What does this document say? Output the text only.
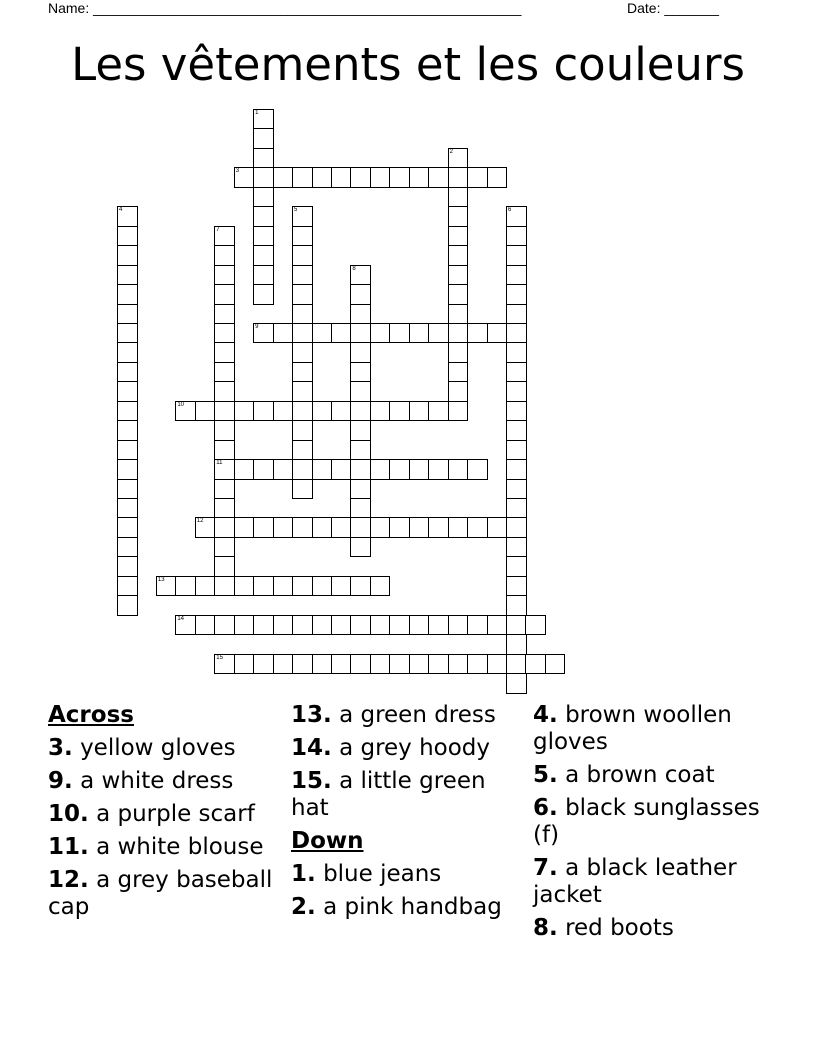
Name: _______________________________________________________	Date: _______
Les vêtements et les couleurs
1
2
3
4	5	6
7
11
8
9
10
12
13
14
15
Across
3. yellow gloves
9. a white dress
10. a purple scarf
11. a white blouse
12. a grey baseball cap
13. a green dress
14. a grey hoody
15. a little green hat
Down
1. blue jeans
2. a pink handbag
4. brown woollen gloves
5. a brown coat
6. black sunglasses (f)
7. a black leather jacket
8. red boots
